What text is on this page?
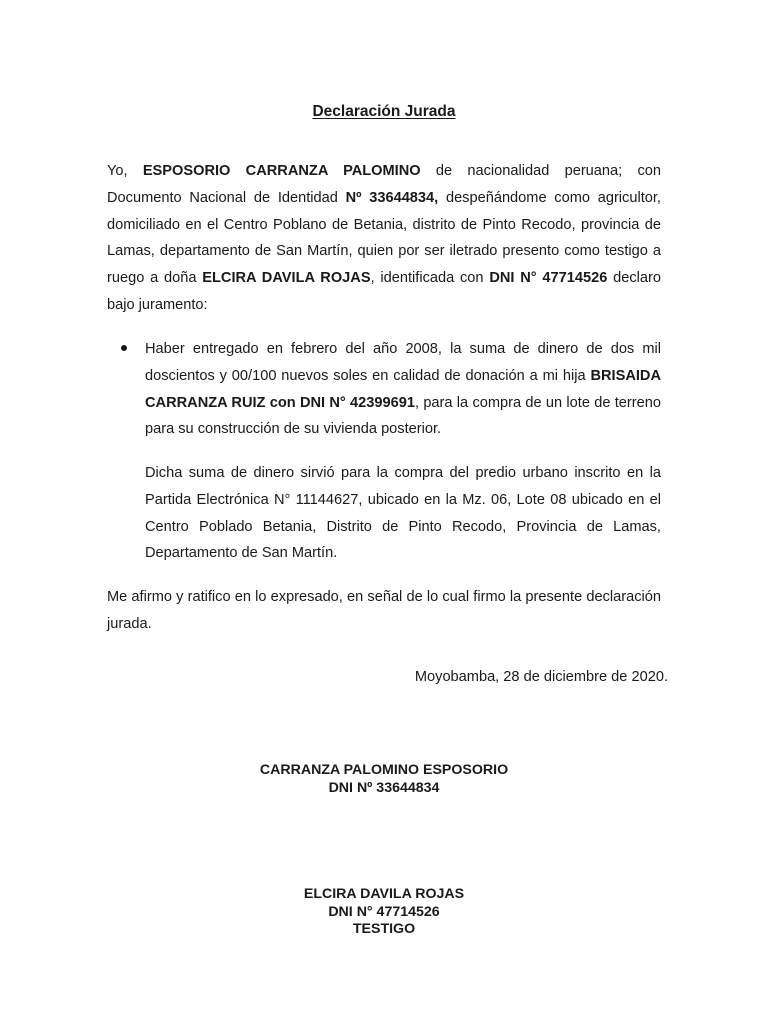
Declaración Jurada

Yo, ESPOSORIO CARRANZA PALOMINO de nacionalidad peruana; con Documento Nacional de Identidad Nº 33644834, despeñándome como agricultor, domiciliado en el Centro Poblano de Betania, distrito de Pinto Recodo, provincia de Lamas, departamento de San Martín, quien por ser iletrado presento como testigo a ruego a doña ELCIRA DAVILA ROJAS, identificada con DNI N° 47714526 declaro bajo juramento:

Haber entregado en febrero del año 2008, la suma de dinero de dos mil doscientos y 00/100 nuevos soles en calidad de donación a mi hija BRISAIDA CARRANZA RUIZ con DNI N° 42399691, para la compra de un lote de terreno para su construcción de su vivienda posterior.

Dicha suma de dinero sirvió para la compra del predio urbano inscrito en la Partida Electrónica N° 11144627, ubicado en la Mz. 06, Lote 08 ubicado en el Centro Poblado Betania, Distrito de Pinto Recodo, Provincia de Lamas, Departamento de San Martín.

Me afirmo y ratifico en lo expresado, en señal de lo cual firmo la presente declaración jurada.

Moyobamba, 28 de diciembre de 2020.
CARRANZA PALOMINO ESPOSORIO
DNI Nº 33644834
ELCIRA DAVILA ROJAS
DNI N° 47714526
TESTIGO
